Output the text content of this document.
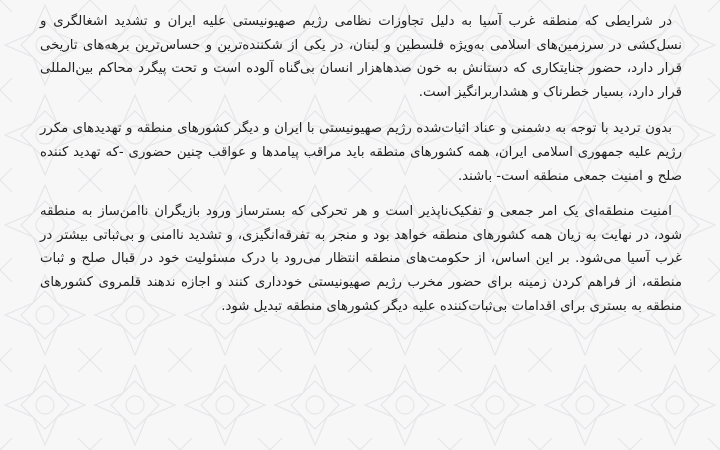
در شرایطی که منطقه غرب آسیا به دلیل تجاوزات نظامی رژیم صهیونیستی علیه ایران و تشدید اشغالگری و نسل‌کشی در سرزمین‌های اسلامی به‌ویژه فلسطین و لبنان، در یکی از شکننده‌ترین و حساس‌ترین برهه‌های تاریخی قرار دارد، حضور جنایتکاری که دستانش به خون صدهاهزار انسان بی‌گناه آلوده است و تحت پیگرد محاکم بین‌المللی قرار دارد، بسیار خطرناک و هشداربرانگیز است.

بدون تردید با توجه به دشمنی و عناد اثبات‌شده رژیم صهیونیستی با ایران و دیگر کشورهای منطقه و تهدیدهای مکرر رژیم علیه جمهوری اسلامی ایران، همه کشورهای منطقه باید مراقب پیامدها و عواقب چنین حضوری -که تهدید کننده صلح و امنیت جمعی منطقه است- باشند.

امنیت منطقه‌ای یک امر جمعی و تفکیک‌ناپذیر است و هر تحرکی که بسترساز ورود بازیگران ناامن‌ساز به منطقه شود، در نهایت به زیان همه کشورهای منطقه خواهد بود و منجر به تفرقه‌انگیزی، و تشدید ناامنی و بی‌ثباتی بیشتر در غرب آسیا می‌شود. بر این اساس، از حکومت‌های منطقه انتظار می‌رود با درک مسئولیت خود در قبال صلح و ثبات منطقه، از فراهم کردن زمینه برای حضور مخرب رژیم صهیونیستی خودداری کنند و اجازه ندهند قلمروی کشورهای منطقه به بستری برای اقدامات بی‌ثبات‌کننده علیه دیگر کشورهای منطقه تبدیل شود.
